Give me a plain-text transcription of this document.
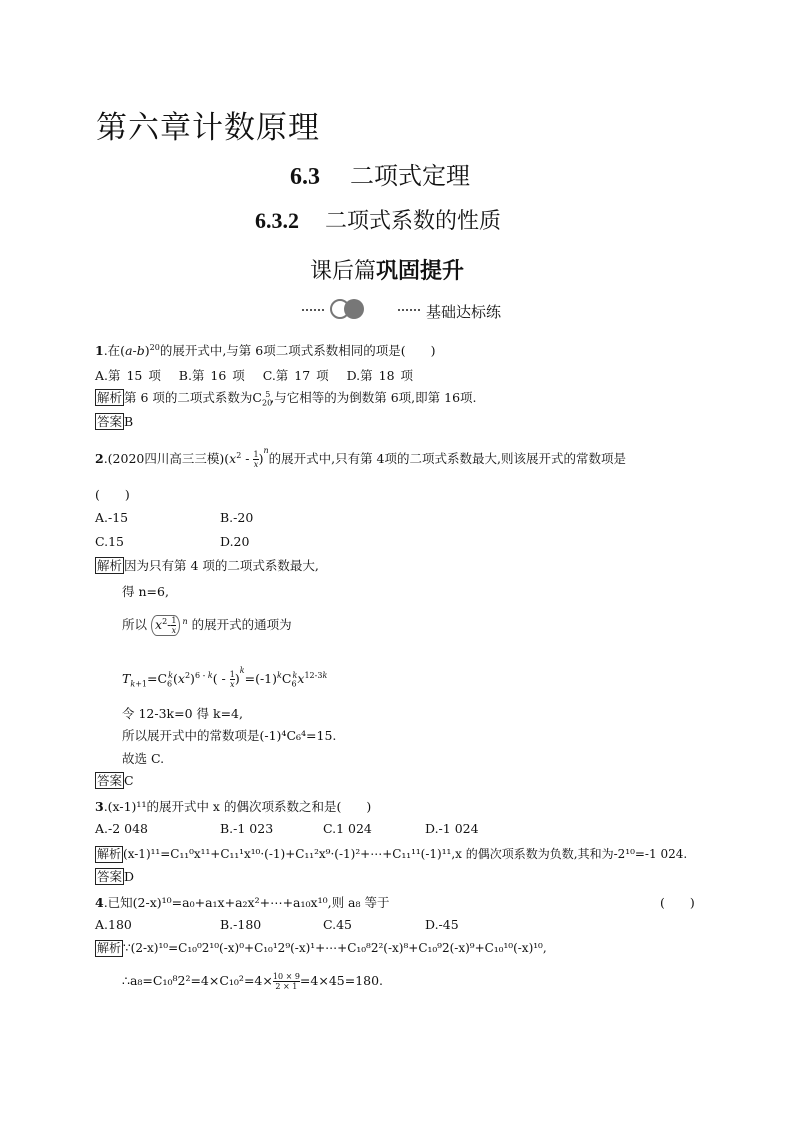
第六章计数原理
6.3 二项式定理
6.3.2 二项式系数的性质
课后篇巩固提升
基础达标练
1.在$(a-b)^{20}$的展开式中,与第 6项二项式系数相同的项是(　　)
A.第 15 项 B.第 16 项 C.第 17 项 D.第 18 项
解析 第 6 项的二项式系数为$C_{20}^5$,与它相等的为倒数第 6项,即第 16项.
答案 B
2.(2020四川高三三模)$(x^2 - \frac{1}{x} )^n$的展开式中,只有第 4项的二项式系数最大,则该展开式的常数项是
(　　)
A.-15	B.-20
C.15	D.20
解析 因为只有第 4 项的二项式系数最大,
得 n=6,
所以 $x^2- \frac{1}{x} ^n$ 的展开式的通项为
$T_{k+1}=C_6^k(x^2)^{6 - k}( - \frac{1}{x} )^k=(-1)^kC_6^kx^{12-3k}$
令 12-3k=0 得 k=4,
所以展开式中的常数项是(-1)⁴C₆⁴=15.
故选 C.
答案 C
3.(x-1)¹¹的展开式中 x 的偶次项系数之和是(　　)
A.-2 048	B.-1 023	C.1 024	D.-1 024
解析 (x-1)¹¹=C₁₁⁰x¹¹+C₁₁¹x¹⁰·(-1)+C₁₁²x⁹·(-1)²+⋯+C₁₁¹¹(-1)¹¹,x 的偶次项系数为负数,其和为-2¹⁰=-1 024.
答案 D
4.已知(2-x)¹⁰=a₀+a₁x+a₂x²+⋯+a₁₀x¹⁰,则 a₈ 等于	(　　)
A.180	B.-180	C.45	D.-45
解析 ∵(2-x)¹⁰=C₁₀⁰2¹⁰(-x)⁰+C₁₀¹2⁹(-x)¹+⋯+C₁₀⁸2²(-x)⁸+C₁₀⁹2(-x)⁹+C₁₀¹⁰(-x)¹⁰,
∴a₈=C₁₀⁸2²=4×C₁₀²=4× $\frac{10 \times 9}{2 \times 1} =4\times 45=180$.
